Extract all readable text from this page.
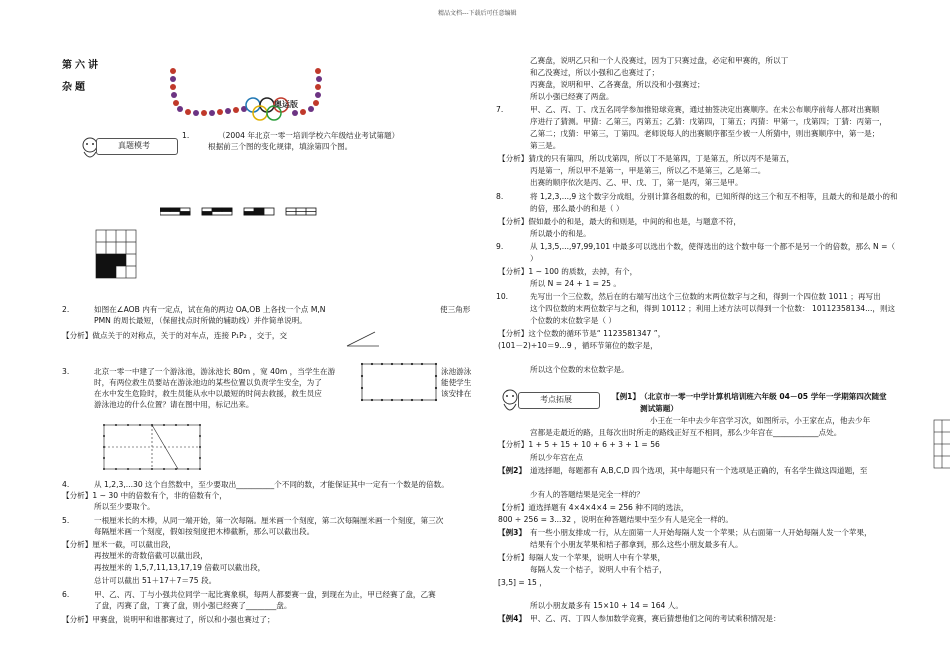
精品文档---下载后可任意编辑
第六讲
杂题
奥运版
真题模考
1.	（2004 年北京一零一培训学校六年级结业考试第题）
根据前三个图的变化规律，填涂第四个图。
2.	如图在∠AOB 内有一定点，试在角的两边 OA,OB 上各找一个点 M,N	使三角形
PMN 的周长最短，（保留找点时所做的辅助线）并作简单说明。
【分析】做点关于的对称点，关于的对车点，连接 P₁P₂ ，交于，交
3.	北京一零一中建了一个游泳池，游泳池长 80m ，宽 40m ，当学生在游
时，有两位救生员要站在游泳池边的某些位置以负责学生安全，为了
在水中发生危险时，救生员能从水中以最短的时间去救援，救生员应
游泳池边的什么位置？请在图中用，标记出来。
泳池游泳
能使学生
该安排在
4.	从 1,2,3,...30 这个自然数中，至少要取出__________个不同的数，才能保证其中一定有一个数是的倍数。
【分析】1 ~ 30 中的倍数有个，非的倍数有个，
所以至少要取个。
5.	一根厘米长的木棒，从同一端开始，第一次每隔。厘米画一个刻度，第二次每隔厘米画一个刻度，第三次
每隔厘米画一个刻度，假如按刻度把木棒截断，那么可以截出段。
【分析】厘米一截，可以截出段，
再按厘米的奇数倍截可以截出段，
再按厘米的 1,5,7,11,13,17,19 倍截可以截出段，
总计可以截出 51＋17＋7＝75 段。
6.	甲、乙、丙、丁与小强共位同学一起比赛象棋，每两人都要赛一盘，到现在为止，甲已经赛了盘，乙赛
了盘，丙赛了盘，丁赛了盘，则小强已经赛了________盘。
【分析】甲赛盘，说明甲和谁都赛过了，所以和小强也赛过了；
乙赛盘，说明乙只和一个人没赛过，因为丁只赛过盘，必定和甲赛的，所以丁
和乙没赛过，所以小强和乙也赛过了；
丙赛盘，说明和甲、乙各赛盘，所以没和小强赛过；
所以小强已经赛了两盘。
7.	甲、乙、丙、丁、戊五名同学参加推铅球竞赛，通过抽签决定出赛顺序。在未公布顺序前每人都对出赛顺
序进行了猜测。甲猜：乙第三，丙第五；乙猜：戊第四，丁第五；丙猜：甲第一，戊第四；丁猜：丙第一，
乙第二；戊猜：甲第三，丁第四。老师说每人的出赛顺序都至少被一人所猜中，则出赛顺序中，第一是；
第三是。
【分析】猜戊的只有第四，所以戊第四，所以丁不是第四，丁是第五，所以丙不是第五，
丙是第一，所以甲不是第一，甲是第三，所以乙不是第三，乙是第二。
出赛的顺序依次是丙、乙、甲、戊、丁，第一是丙，第三是甲。
8.	将 1,2,3,...,9 这个数字分成组，分别计算各组数的和，已知所得的这三个和互不相等，且最大的和是最小的和
的倍，那么最小的和是（ ）
【分析】假如最小的和是，最大的和则是，中间的和也是，与题意不符，
所以最小的和是。
9.	从 1,3,5,...,97,99,101 中最多可以选出个数，使得选出的这个数中每一个都不是另一个的倍数，那么 N =（
）
【分析】1 ~ 100 的质数，去掉，有个，
所以 N = 24 + 1 = 25 。
10.	先写出一个三位数，然后在的右端写出这个三位数的末两位数字与之和，得到一个四位数 1011 ；再写出
这个四位数的末两位数字与之和，得到 10112 ；利用上述方法可以得到一个位数： 10112358134...，则这
个位数的末位数字是（ ）
【分析】这个位数的循环节是“ 1123581347 ”，
(101－2)÷10＝9…9 ，循环节第位的数字是，
所以这个位数的末位数字是。
考点拓展	【例1】 （北京市一零一中学计算机培训班六年级 04－05 学年一学期第四次随堂
测试第题）
小王在一年中去少年宫学习次，如图所示，小王家在点，他去少年
宫都是走最近的路，且每次出时所走的路线正好互不相同，那么少年宫在____________点处。
【分析】1 + 5 + 15 + 10 + 6 + 3 + 1 = 56
所以少年宫在点
【例2】 道选择题，每题都有 A,B,C,D 四个选项，其中每题只有一个选项是正确的，有名学生做这四道题，至
少有人的答题结果是完全一样的？
【分析】道选择题有 4×4×4×4 = 256 种不同的选法，
800 ÷ 256 = 3...32 ，说明在种答题结果中至少有人是完全一样的。
【例3】 有一些小朋友排成一行，从左面第一人开始每隔人发一个苹果；从右面第一人开始每隔人发一个苹果，
结果有个小朋友苹果和桔子都拿到，那么这些小朋友最多有人。
【分析】每隔人发一个苹果，说明人中有个苹果，
每隔人发一个桔子，说明人中有个桔子，
[3,5] = 15 ，
所以小朋友最多有 15×10 + 14 = 164 人。
【例4】 甲、乙、丙、丁四人参加数学竞赛，赛后猜想他们之间的考试乘积情况是：
